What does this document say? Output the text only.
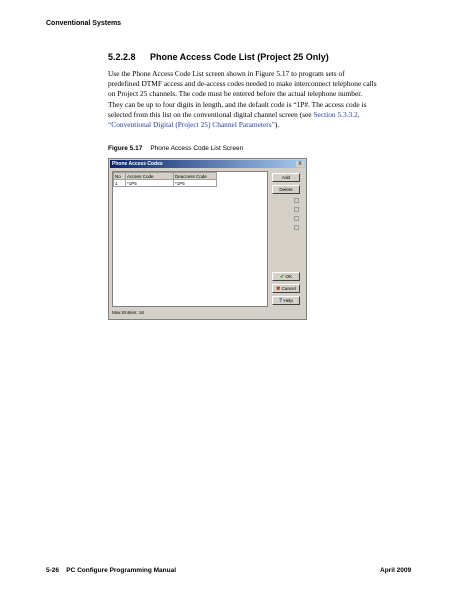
Conventional Systems
5.2.2.8 Phone Access Code List (Project 25 Only)
Use the Phone Access Code List screen shown in Figure 5.17 to program sets of
predefined DTMF access and de-access codes needed to make interconnect telephone calls
on Project 25 channels. The code must be entered before the actual telephone number.
They can be up to four digits in length, and the default code is “1P#. The access code is
selected from this list on the conventional digital channel screen (see Section 5.3.3.2,
“Conventional Digital (Project 25) Channel Parameters”).
Figure 5.17 Phone Access Code List Screen
Phone Access Codes	X
No	Access Code	Deaccess Code
1	*1P5	*1P5
Add
Delete
✔ OK
✖ Cancel
? Help
Max Entries: 16
5-26    PC Configure Programming Manual	April 2009
